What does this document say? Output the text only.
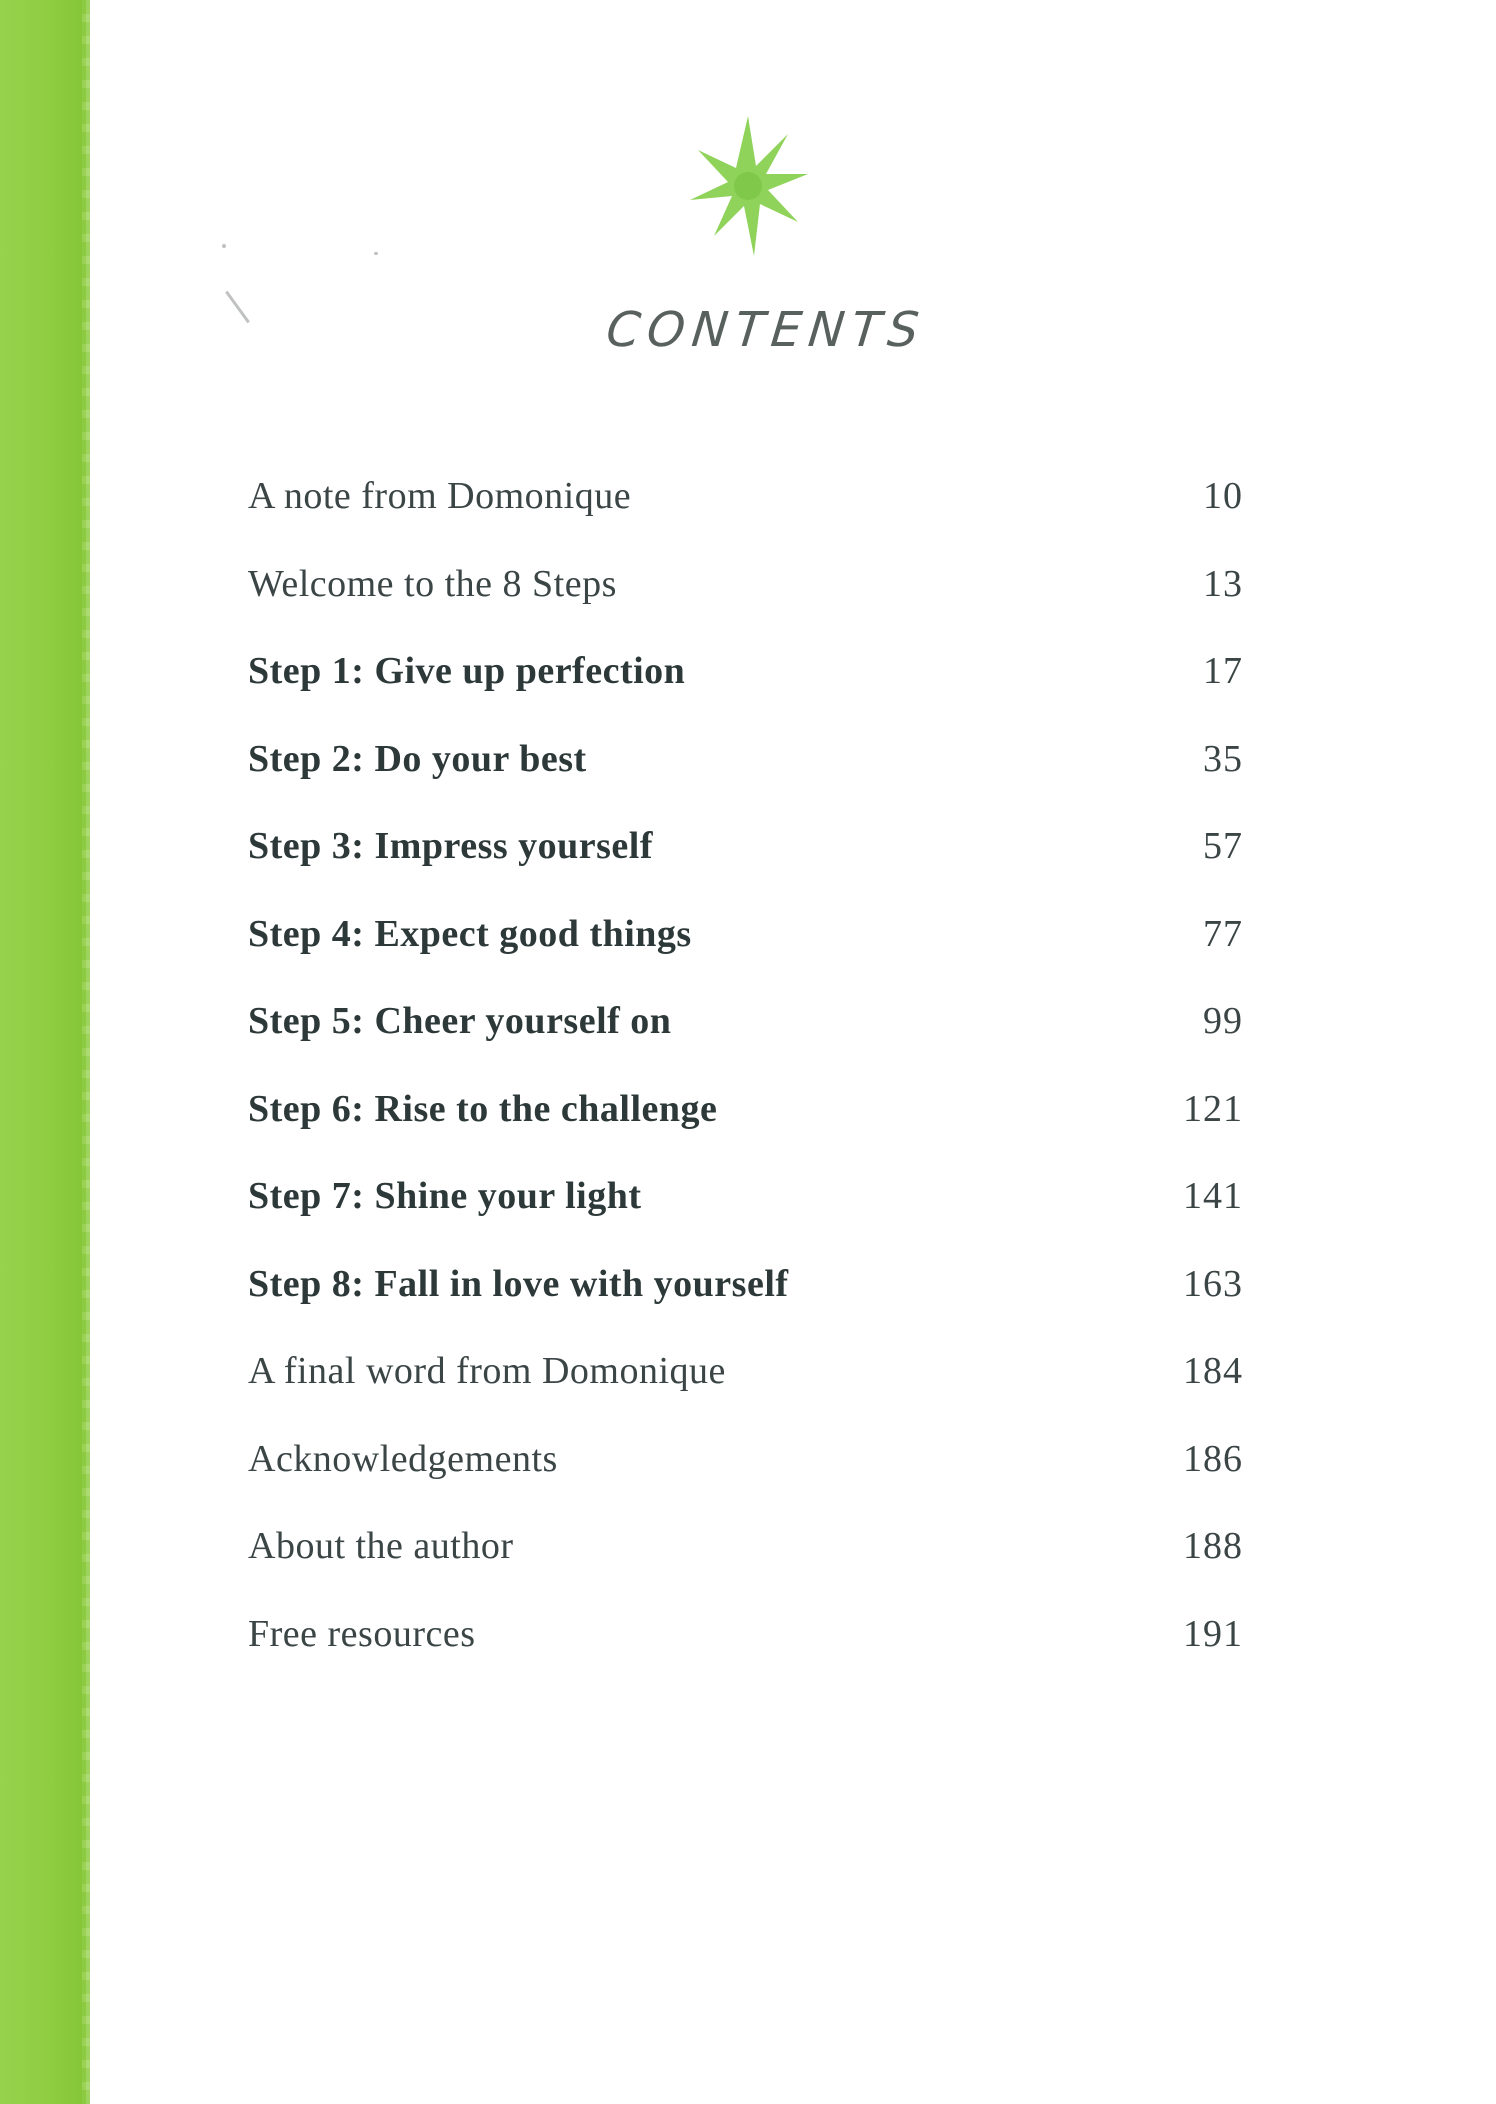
CONTENTS
A note from Domonique	10
Welcome to the 8 Steps	13
Step 1: Give up perfection	17
Step 2: Do your best	35
Step 3: Impress yourself	57
Step 4: Expect good things	77
Step 5: Cheer yourself on	99
Step 6: Rise to the challenge	121
Step 7: Shine your light	141
Step 8: Fall in love with yourself	163
A final word from Domonique	184
Acknowledgements	186
About the author	188
Free resources	191
